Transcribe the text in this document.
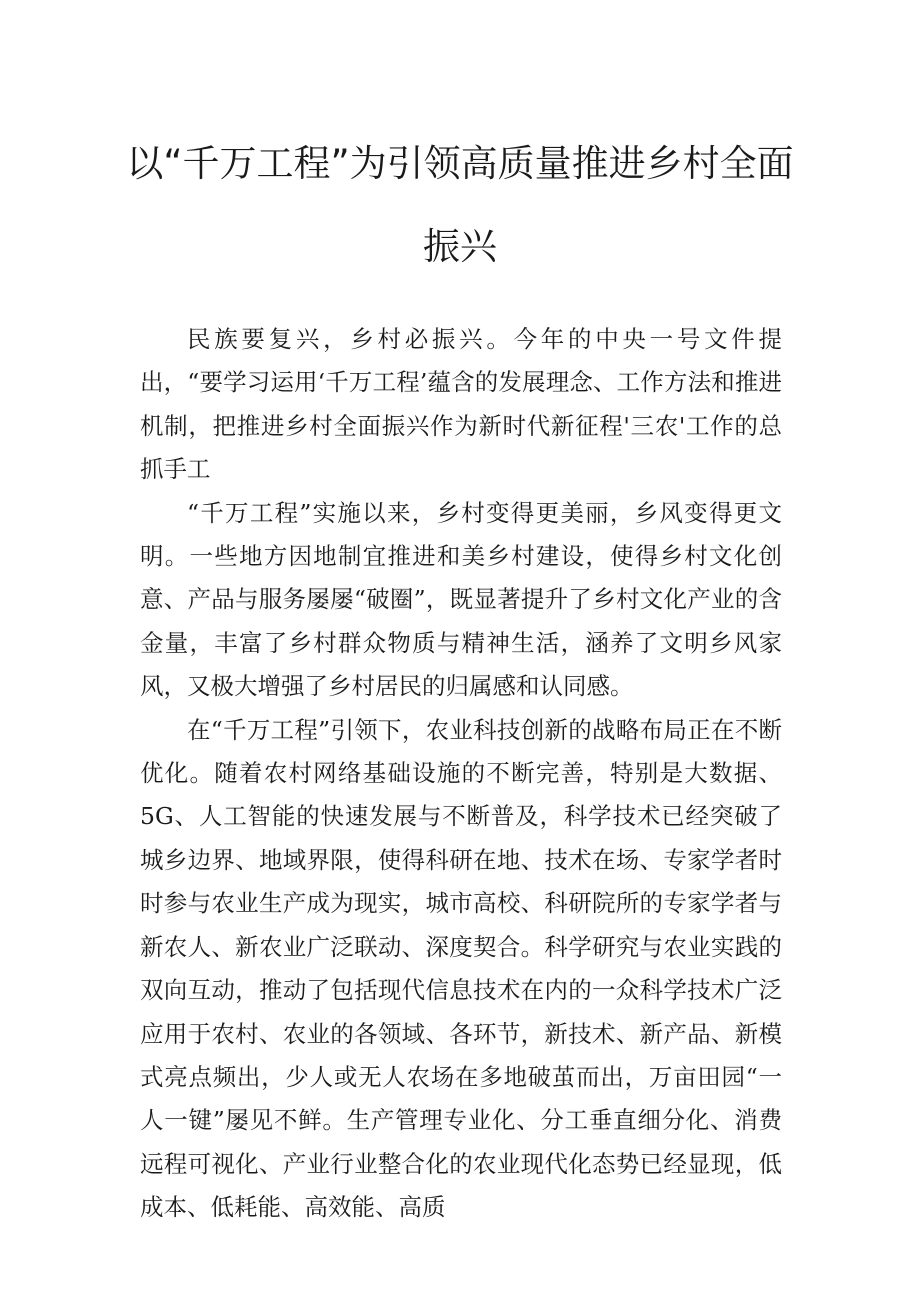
以“千万工程”为引领高质量推进乡村全面
振兴

民族要复兴，乡村必振兴。今年的中央一号文件提出，“要学习运用‘千万工程’蕴含的发展理念、工作方法和推进机制，把推进乡村全面振兴作为新时代新征程'三农'工作的总抓手工

“千万工程”实施以来，乡村变得更美丽，乡风变得更文明。一些地方因地制宜推进和美乡村建设，使得乡村文化创意、产品与服务屡屡“破圈”，既显著提升了乡村文化产业的含金量，丰富了乡村群众物质与精神生活，涵养了文明乡风家风，又极大增强了乡村居民的归属感和认同感。

在“千万工程”引领下，农业科技创新的战略布局正在不断优化。随着农村网络基础设施的不断完善，特别是大数据、5G、人工智能的快速发展与不断普及，科学技术已经突破了城乡边界、地域界限，使得科研在地、技术在场、专家学者时时参与农业生产成为现实，城市高校、科研院所的专家学者与新农人、新农业广泛联动、深度契合。科学研究与农业实践的双向互动，推动了包括现代信息技术在内的一众科学技术广泛应用于农村、农业的各领域、各环节，新技术、新产品、新模式亮点频出，少人或无人农场在多地破茧而出，万亩田园“一人一键”屡见不鲜。生产管理专业化、分工垂直细分化、消费远程可视化、产业行业整合化的农业现代化态势已经显现，低成本、低耗能、高效能、高质
